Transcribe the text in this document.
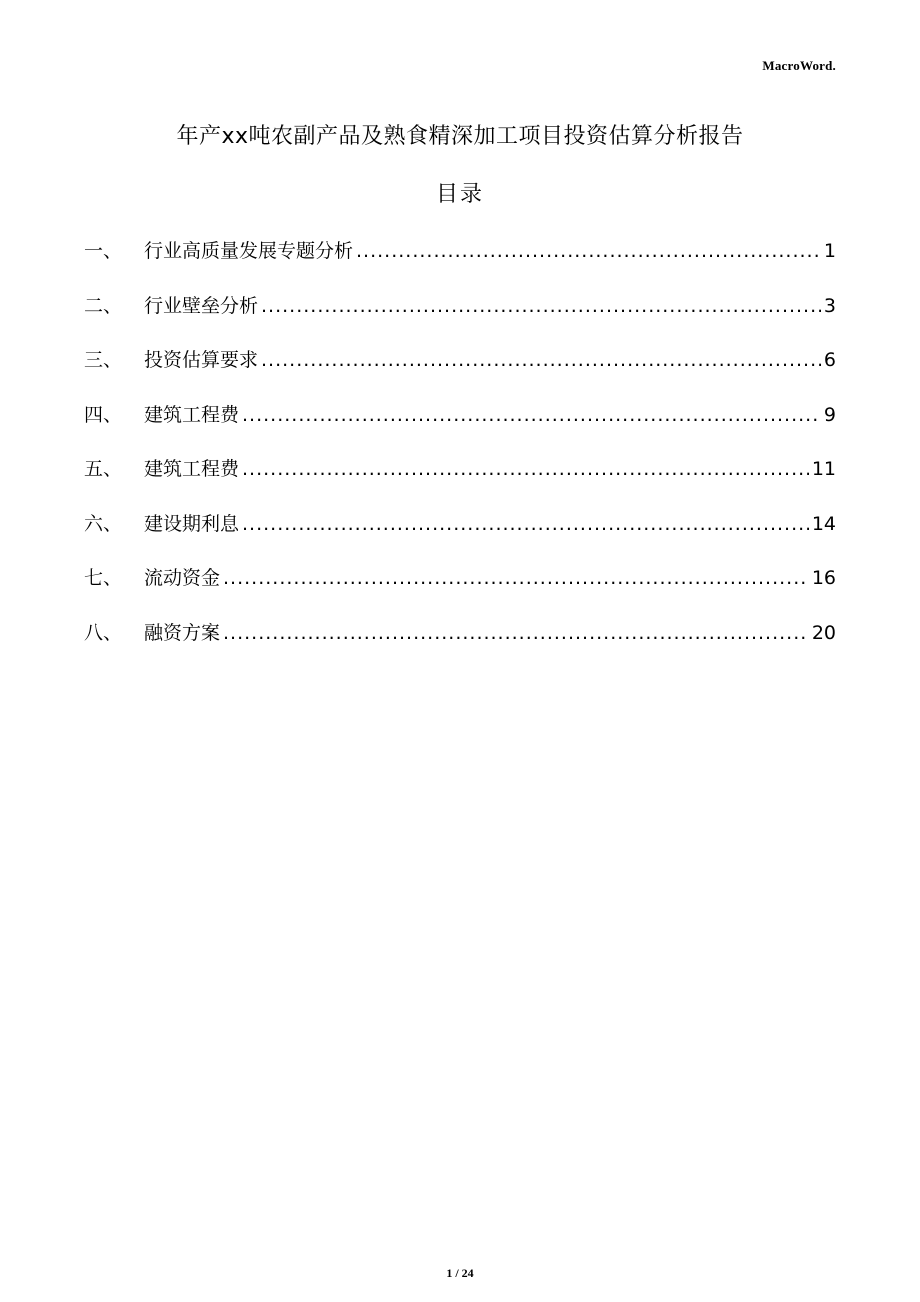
MacroWord.
年产xx吨农副产品及熟食精深加工项目投资估算分析报告
目录
一、	行业高质量发展专题分析 .....	1
二、	行业壁垒分析 .....	3
三、	投资估算要求 .....	6
四、	建筑工程费 .....	9
五、	建筑工程费 .....	11
六、	建设期利息 .....	14
七、	流动资金 .....	16
八、	融资方案 .....	20
1 / 24
